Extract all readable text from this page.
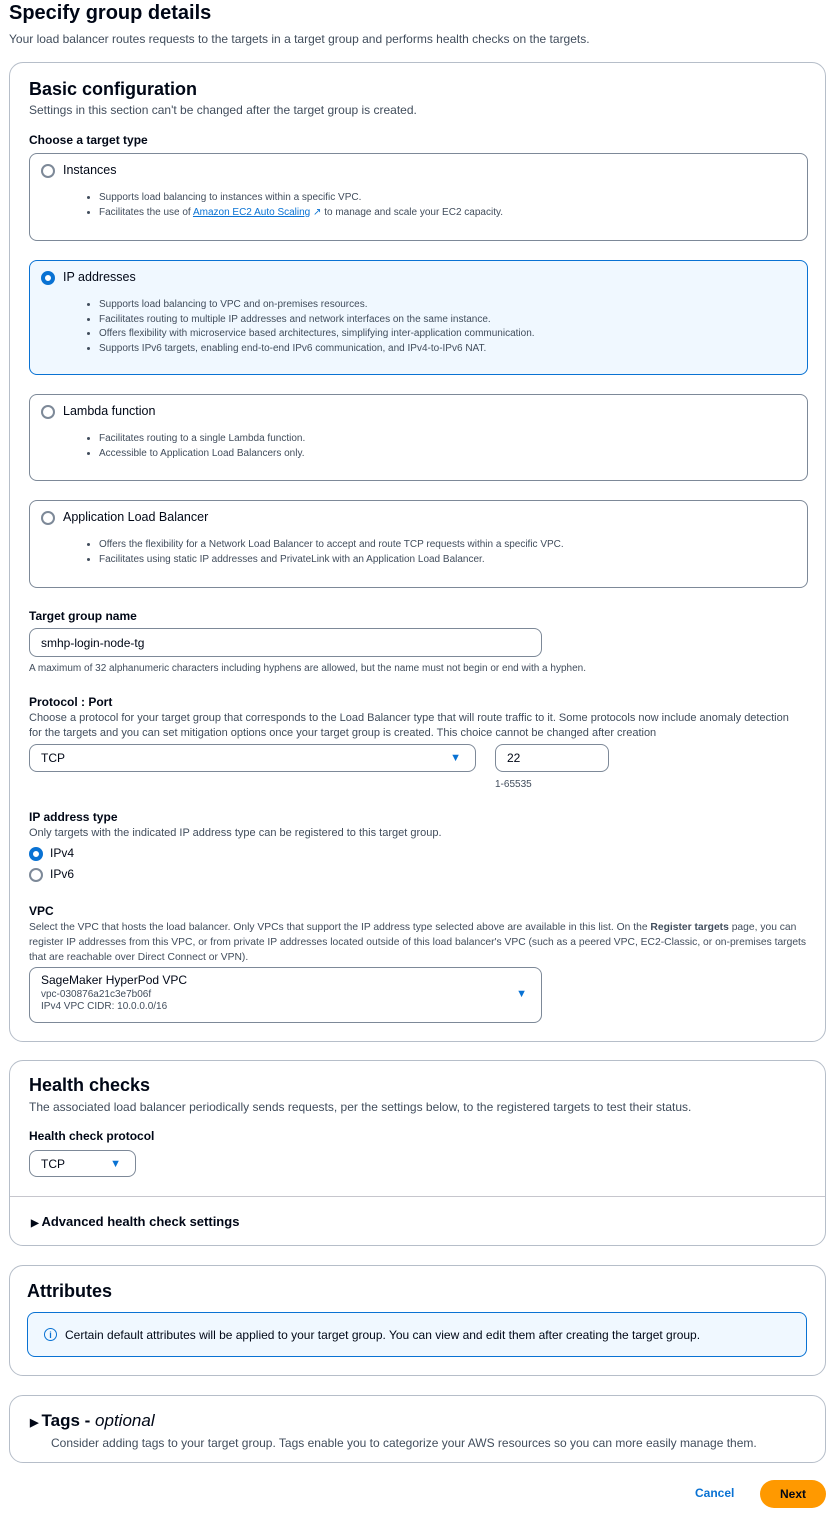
Specify group details
Your load balancer routes requests to the targets in a target group and performs health checks on the targets.
Basic configuration
Settings in this section can't be changed after the target group is created.
Choose a target type
Instances
• Supports load balancing to instances within a specific VPC.
• Facilitates the use of Amazon EC2 Auto Scaling ↗ to manage and scale your EC2 capacity.
IP addresses
• Supports load balancing to VPC and on-premises resources.
• Facilitates routing to multiple IP addresses and network interfaces on the same instance.
• Offers flexibility with microservice based architectures, simplifying inter-application communication.
• Supports IPv6 targets, enabling end-to-end IPv6 communication, and IPv4-to-IPv6 NAT.
Lambda function
• Facilitates routing to a single Lambda function.
• Accessible to Application Load Balancers only.
Application Load Balancer
• Offers the flexibility for a Network Load Balancer to accept and route TCP requests within a specific VPC.
• Facilitates using static IP addresses and PrivateLink with an Application Load Balancer.
Target group name
smhp-login-node-tg
A maximum of 32 alphanumeric characters including hyphens are allowed, but the name must not begin or end with a hyphen.
Protocol : Port
Choose a protocol for your target group that corresponds to the Load Balancer type that will route traffic to it. Some protocols now include anomaly detection for the targets and you can set mitigation options once your target group is created. This choice cannot be changed after creation
TCP	▼	22
1-65535
IP address type
Only targets with the indicated IP address type can be registered to this target group.
IPv4
IPv6
VPC
Select the VPC that hosts the load balancer. Only VPCs that support the IP address type selected above are available in this list. On the Register targets page, you can register IP addresses from this VPC, or from private IP addresses located outside of this load balancer's VPC (such as a peered VPC, EC2-Classic, or on-premises targets that are reachable over Direct Connect or VPN).
SageMaker HyperPod VPC
vpc-030876a21c3e7b06f
IPv4 VPC CIDR: 10.0.0.0/16
▼
Health checks
The associated load balancer periodically sends requests, per the settings below, to the registered targets to test their status.
Health check protocol
TCP	▼
▶ Advanced health check settings
Attributes
i	Certain default attributes will be applied to your target group. You can view and edit them after creating the target group.
▶ Tags - optional
Consider adding tags to your target group. Tags enable you to categorize your AWS resources so you can more easily manage them.
Cancel	Next
